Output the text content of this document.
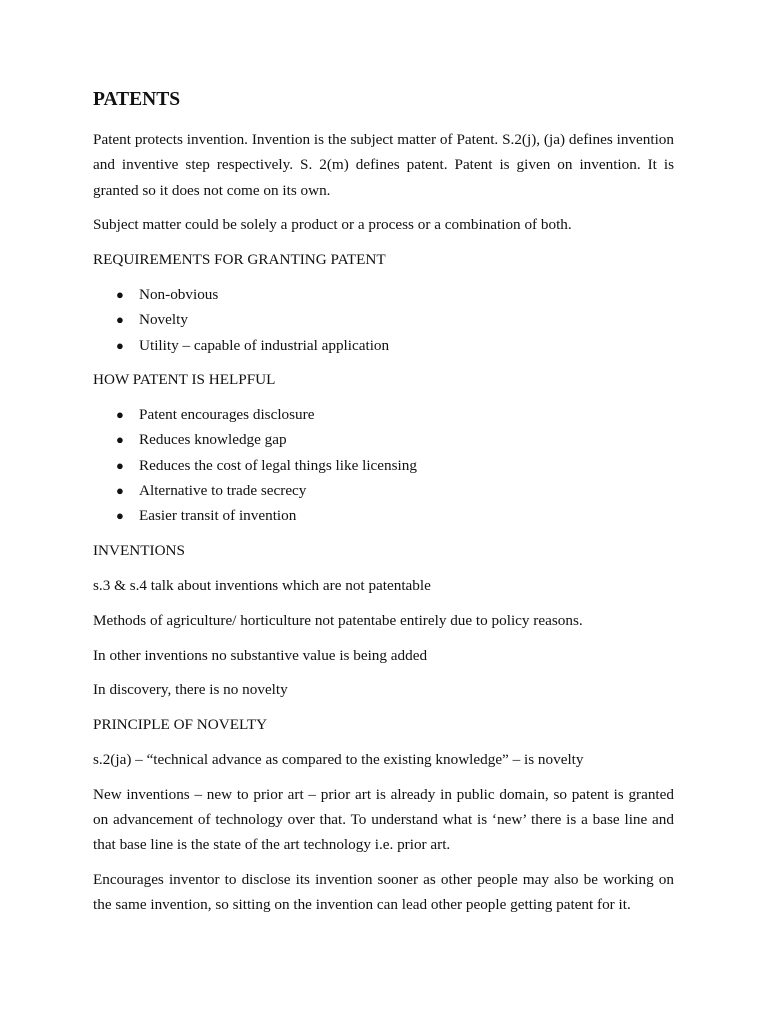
PATENTS

Patent protects invention. Invention is the subject matter of Patent. S.2(j), (ja) defines invention and inventive step respectively. S. 2(m) defines patent. Patent is given on invention. It is granted so it does not come on its own.

Subject matter could be solely a product or a process or a combination of both.

REQUIREMENTS FOR GRANTING PATENT

● Non-obvious
● Novelty
● Utility – capable of industrial application

HOW PATENT IS HELPFUL

● Patent encourages disclosure
● Reduces knowledge gap
● Reduces the cost of legal things like licensing
● Alternative to trade secrecy
● Easier transit of invention

INVENTIONS

s.3 & s.4 talk about inventions which are not patentable

Methods of agriculture/ horticulture not patentabe entirely due to policy reasons.

In other inventions no substantive value is being added

In discovery, there is no novelty

PRINCIPLE OF NOVELTY

s.2(ja) – “technical advance as compared to the existing knowledge” – is novelty

New inventions – new to prior art – prior art is already in public domain, so patent is granted on advancement of technology over that. To understand what is ‘new’ there is a base line and that base line is the state of the art technology i.e. prior art.

Encourages inventor to disclose its invention sooner as other people may also be working on the same invention, so sitting on the invention can lead other people getting patent for it.
